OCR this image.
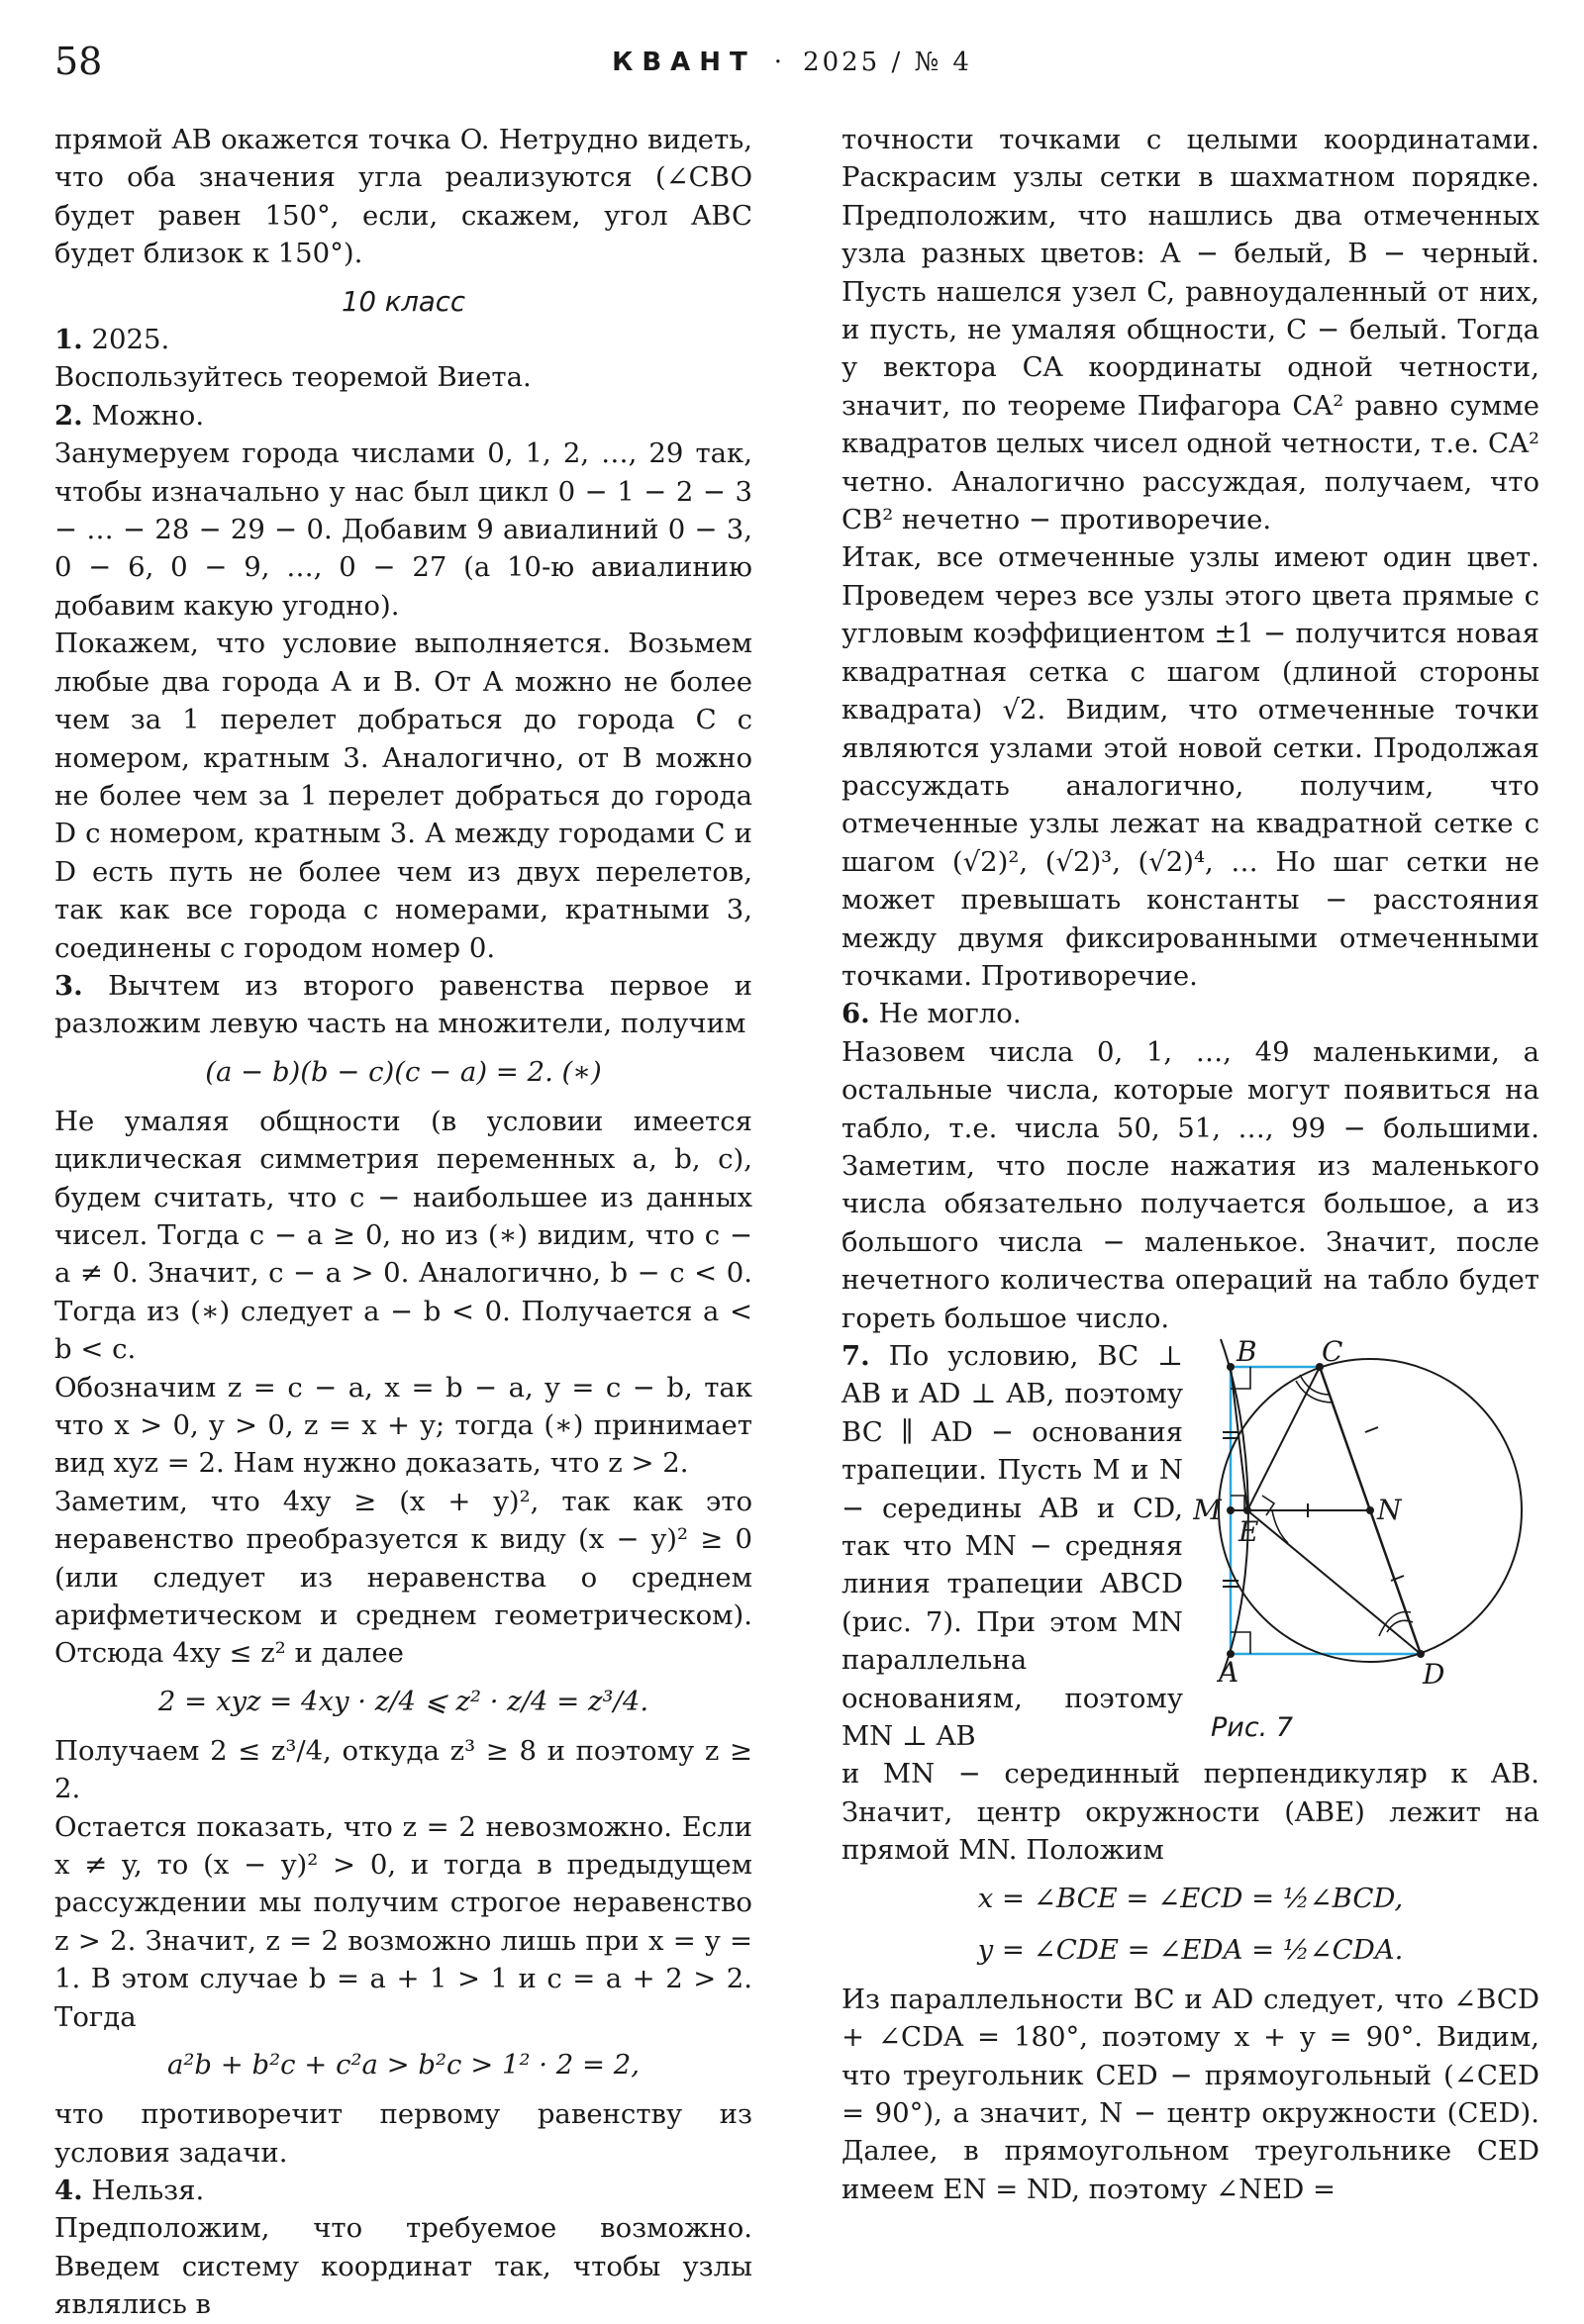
58	КВАНТ · 2025 / № 4

прямой AB окажется точка O. Нетрудно видеть, что оба значения угла реализуются (∠CBO будет равен 150°, если, скажем, угол ABC будет близок к 150°).

10 класс

1. 2025.

Воспользуйтесь теоремой Виета.

2. Можно.

Занумеруем города числами 0, 1, 2, …, 29 так, чтобы изначально у нас был цикл 0 − 1 − 2 − 3 − … − 28 − 29 − 0. Добавим 9 авиалиний 0 − 3, 0 − 6, 0 − 9, …, 0 − 27 (а 10-ю авиалинию добавим какую угодно).

Покажем, что условие выполняется. Возьмем любые два города A и B. От A можно не более чем за 1 перелет добраться до города C с номером, кратным 3. Аналогично, от B можно не более чем за 1 перелет добраться до города D с номером, кратным 3. А между городами C и D есть путь не более чем из двух перелетов, так как все города с номерами, кратными 3, соединены с городом номер 0.

3. Вычтем из второго равенства первое и разложим левую часть на множители, получим

(a − b)(b − c)(c − a) = 2. (∗)

Не умаляя общности (в условии имеется циклическая симметрия переменных a, b, c), будем считать, что c − наибольшее из данных чисел. Тогда c − a ≥ 0, но из (∗) видим, что c − a ≠ 0. Значит, c − a > 0. Аналогично, b − c < 0. Тогда из (∗) следует a − b < 0. Получается a < b < c.

Обозначим z = c − a, x = b − a, y = c − b, так что x > 0, y > 0, z = x + y; тогда (∗) принимает вид xyz = 2. Нам нужно доказать, что z > 2.

Заметим, что 4xy ≥ (x + y)², так как это неравенство преобразуется к виду (x − y)² ≥ 0 (или следует из неравенства о среднем арифметическом и среднем геометрическом). Отсюда 4xy ≤ z² и далее

2 = xyz = 4xy · z/4 ⩽ z² · z/4 = z³/4.

Получаем 2 ≤ z³/4, откуда z³ ≥ 8 и поэтому z ≥ 2.

Остается показать, что z = 2 невозможно. Если x ≠ y, то (x − y)² > 0, и тогда в предыдущем рассуждении мы получим строгое неравенство z > 2. Значит, z = 2 возможно лишь при x = y = 1. В этом случае b = a + 1 > 1 и c = a + 2 > 2. Тогда

a²b + b²c + c²a > b²c > 1² · 2 = 2,

что противоречит первому равенству из условия задачи.

4. Нельзя.

Предположим, что требуемое возможно. Введем систему координат так, чтобы узлы являлись в

точности точками с целыми координатами. Раскрасим узлы сетки в шахматном порядке. Предположим, что нашлись два отмеченных узла разных цветов: A − белый, B − черный. Пусть нашелся узел C, равноудаленный от них, и пусть, не умаляя общности, C − белый. Тогда у вектора CA координаты одной четности, значит, по теореме Пифагора CA² равно сумме квадратов целых чисел одной четности, т.е. CA² четно. Аналогично рассуждая, получаем, что CB² нечетно − противоречие.

Итак, все отмеченные узлы имеют один цвет. Проведем через все узлы этого цвета прямые с угловым коэффициентом ±1 − получится новая квадратная сетка с шагом (длиной стороны квадрата) √2. Видим, что отмеченные точки являются узлами этой новой сетки. Продолжая рассуждать аналогично, получим, что отмеченные узлы лежат на квадратной сетке с шагом (√2)², (√2)³, (√2)⁴, … Но шаг сетки не может превышать константы − расстояния между двумя фиксированными отмеченными точками. Противоречие.

6. Не могло.

Назовем числа 0, 1, …, 49 маленькими, а остальные числа, которые могут появиться на табло, т.е. числа 50, 51, …, 99 − большими. Заметим, что после нажатия из маленького числа обязательно получается большое, а из большого числа − маленькое. Значит, после нечетного количества операций на табло будет гореть большое число.

7. По условию, BC ⊥ AB и AD ⊥ AB, поэтому BC ∥ AD − основания трапеции. Пусть M и N − середины AB и CD, так что MN − средняя линия трапеции ABCD (рис. 7). При этом MN параллельна основаниям, поэтому MN ⊥ AB

B C
M
E
N
A	D
Рис. 7

и MN − серединный перпендикуляр к AB. Значит, центр окружности (ABE) лежит на прямой MN. Положим

x = ∠BCE = ∠ECD = ½∠BCD,

y = ∠CDE = ∠EDA = ½∠CDA.

Из параллельности BC и AD следует, что ∠BCD + ∠CDA = 180°, поэтому x + y = 90°. Видим, что треугольник CED − прямоугольный (∠CED = 90°), а значит, N − центр окружности (CED). Далее, в прямоугольном треугольнике CED имеем EN = ND, поэтому ∠NED =
